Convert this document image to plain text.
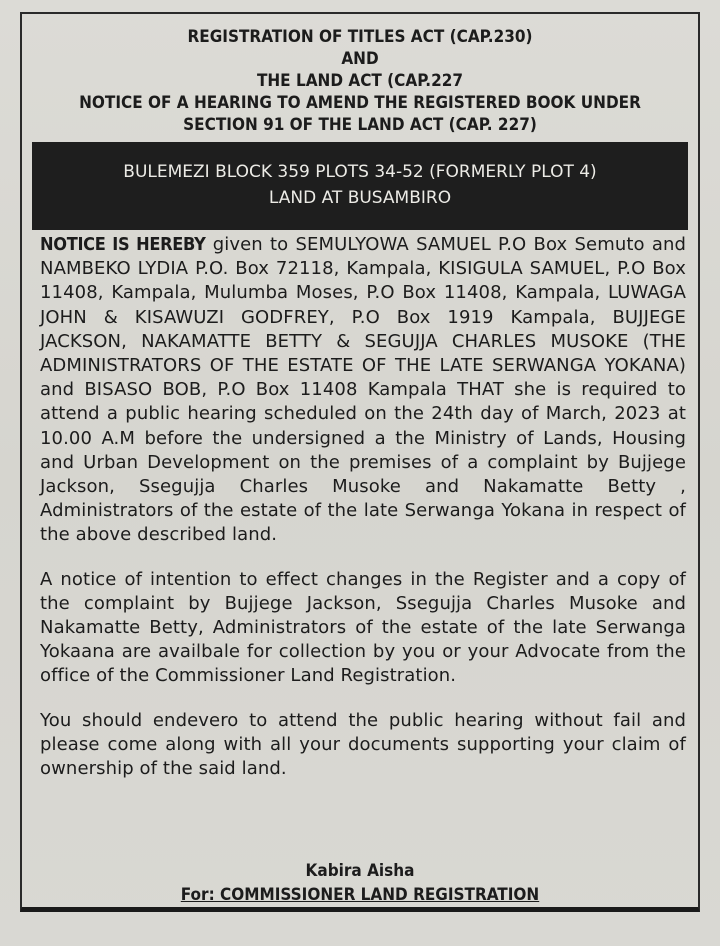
REGISTRATION OF TITLES ACT (CAP.230)
AND
THE LAND ACT (CAP.227
NOTICE OF A HEARING TO AMEND THE REGISTERED BOOK UNDER
SECTION 91 OF THE LAND ACT (CAP. 227)
BULEMEZI BLOCK 359 PLOTS 34-52 (FORMERLY PLOT 4)
LAND AT BUSAMBIRO

NOTICE IS HEREBY given to SEMULYOWA SAMUEL P.O Box Semuto and NAMBEKO LYDIA P.O. Box 72118, Kampala, KISIGULA SAMUEL, P.O Box 11408, Kampala, Mulumba Moses, P.O Box 11408, Kampala, LUWAGA JOHN & KISAWUZI GODFREY, P.O Box 1919 Kampala, BUJJEGE JACKSON, NAKAMATTE BETTY & SEGUJJA CHARLES MUSOKE (THE ADMINISTRATORS OF THE ESTATE OF THE LATE SERWANGA YOKANA) and BISASO BOB, P.O Box 11408 Kampala THAT she is required to attend a public hearing scheduled on the 24th day of March, 2023 at 10.00 A.M before the undersigned a the Ministry of Lands, Housing and Urban Development on the premises of a complaint by Bujjege Jackson, Ssegujja Charles Musoke and Nakamatte Betty , Administrators of the estate of the late Serwanga Yokana in respect of the above described land.

A notice of intention to effect changes in the Register and a copy of the complaint by Bujjege Jackson, Ssegujja Charles Musoke and Nakamatte Betty, Administrators of the estate of the late Serwanga Yokaana are availbale for collection by you or your Advocate from the office of the Commissioner Land Registration.

You should endevero to attend the public hearing without fail and please come along with all your documents supporting your claim of ownership of the said land.

Kabira Aisha
For: COMMISSIONER LAND REGISTRATION
